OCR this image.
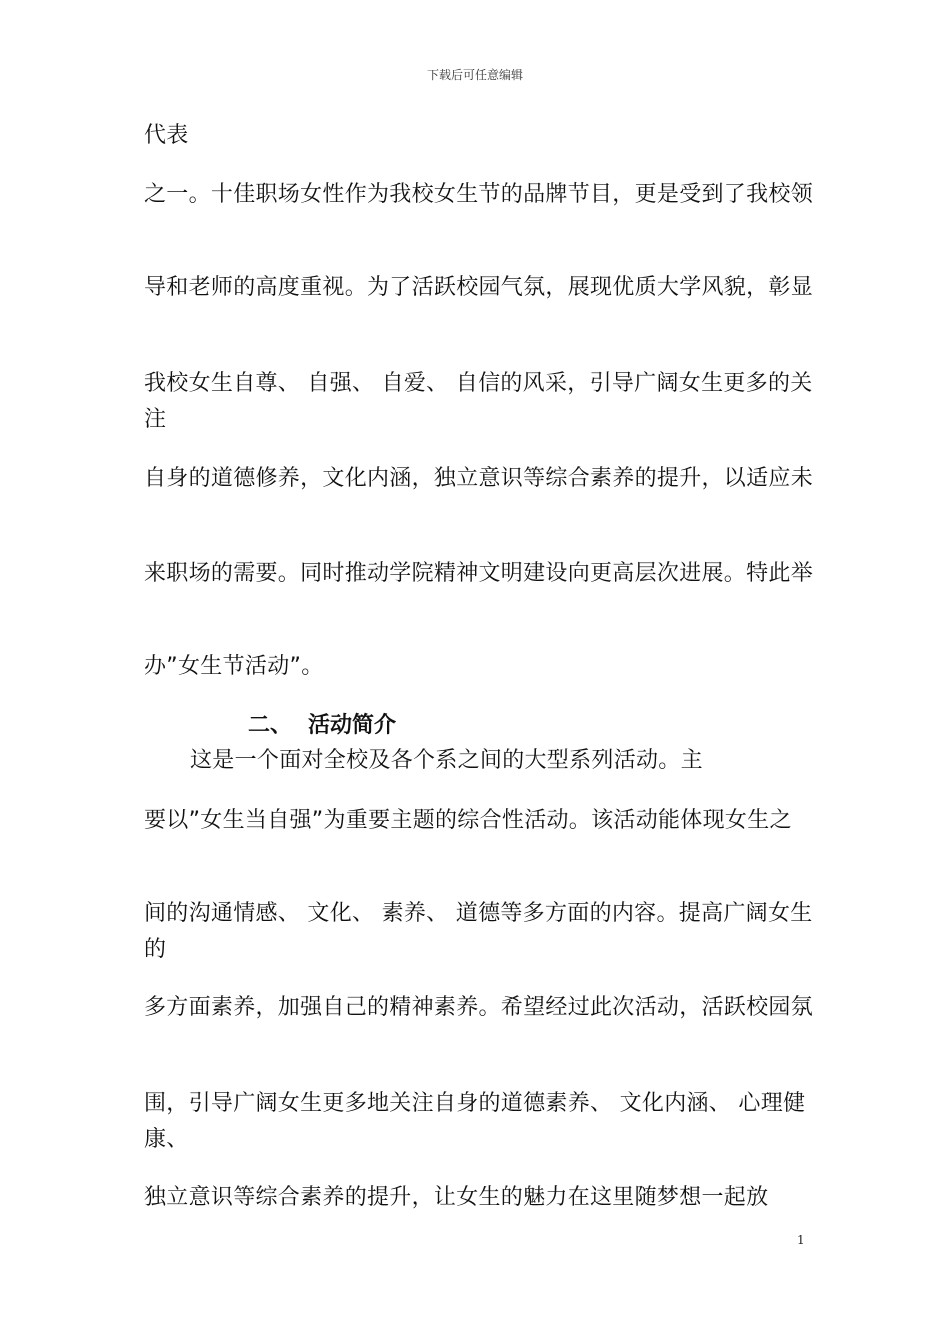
下载后可任意编辑

代表

之一。十佳职场女性作为我校女生节的品牌节目，更是受到了我校领

导和老师的高度重视。为了活跃校园气氛，展现优质大学风貌，彰显

我校女生自尊、 自强、 自爱、 自信的风采，引导广阔女生更多的关注

自身的道德修养，文化内涵，独立意识等综合素养的提升，以适应未

来职场的需要。同时推动学院精神文明建设向更高层次进展。特此举

办”女生节活动”。

二、 活动简介

这是一个面对全校及各个系之间的大型系列活动。主

要以”女生当自强”为重要主题的综合性活动。该活动能体现女生之

间的沟通情感、 文化、 素养、 道德等多方面的内容。提高广阔女生的

多方面素养，加强自己的精神素养。希望经过此次活动，活跃校园氛

围，引导广阔女生更多地关注自身的道德素养、 文化内涵、 心理健康、

独立意识等综合素养的提升，让女生的魅力在这里随梦想一起放

1
